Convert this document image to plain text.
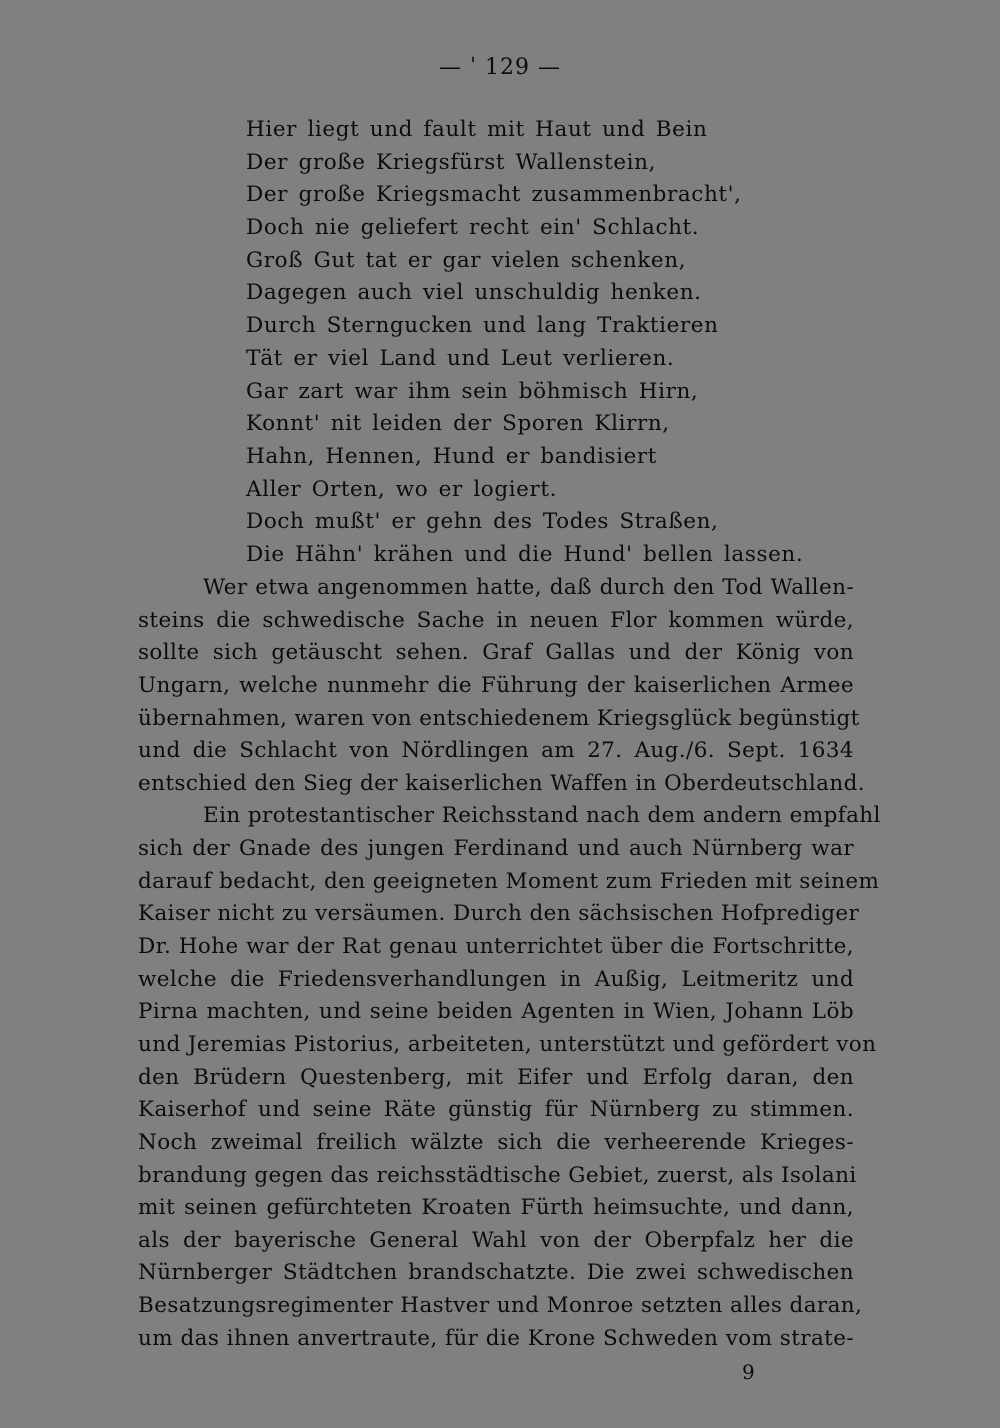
— ˈ 129 —
Hier liegt und fault mit Haut und Bein
Der große Kriegsfürst Wallenstein,
Der große Kriegsmacht zusammenbracht',
Doch nie geliefert recht ein' Schlacht.
Groß Gut tat er gar vielen schenken,
Dagegen auch viel unschuldig henken.
Durch Sterngucken und lang Traktieren
Tät er viel Land und Leut verlieren.
Gar zart war ihm sein böhmisch Hirn,
Konnt' nit leiden der Sporen Klirrn,
Hahn, Hennen, Hund er bandisiert
Aller Orten, wo er logiert.
Doch mußt' er gehn des Todes Straßen,
Die Hähn' krähen und die Hund' bellen lassen.
Wer etwa angenommen hatte, daß durch den Tod Wallen-
steins die schwedische Sache in neuen Flor kommen würde,
sollte sich getäuscht sehen. Graf Gallas und der König von
Ungarn, welche nunmehr die Führung der kaiserlichen Armee
übernahmen, waren von entschiedenem Kriegsglück begünstigt
und die Schlacht von Nördlingen am 27. Aug./6. Sept. 1634
entschied den Sieg der kaiserlichen Waffen in Oberdeutschland.
Ein protestantischer Reichsstand nach dem andern empfahl
sich der Gnade des jungen Ferdinand und auch Nürnberg war
darauf bedacht, den geeigneten Moment zum Frieden mit seinem
Kaiser nicht zu versäumen. Durch den sächsischen Hofprediger
Dr. Hohe war der Rat genau unterrichtet über die Fortschritte,
welche die Friedensverhandlungen in Außig, Leitmeritz und
Pirna machten, und seine beiden Agenten in Wien, Johann Löb
und Jeremias Pistorius, arbeiteten, unterstützt und gefördert von
den Brüdern Questenberg, mit Eifer und Erfolg daran, den
Kaiserhof und seine Räte günstig für Nürnberg zu stimmen.
Noch zweimal freilich wälzte sich die verheerende Krieges-
brandung gegen das reichsstädtische Gebiet, zuerst, als Isolani
mit seinen gefürchteten Kroaten Fürth heimsuchte, und dann,
als der bayerische General Wahl von der Oberpfalz her die
Nürnberger Städtchen brandschatzte. Die zwei schwedischen
Besatzungsregimenter Hastver und Monroe setzten alles daran,
um das ihnen anvertraute, für die Krone Schweden vom strate-
9
